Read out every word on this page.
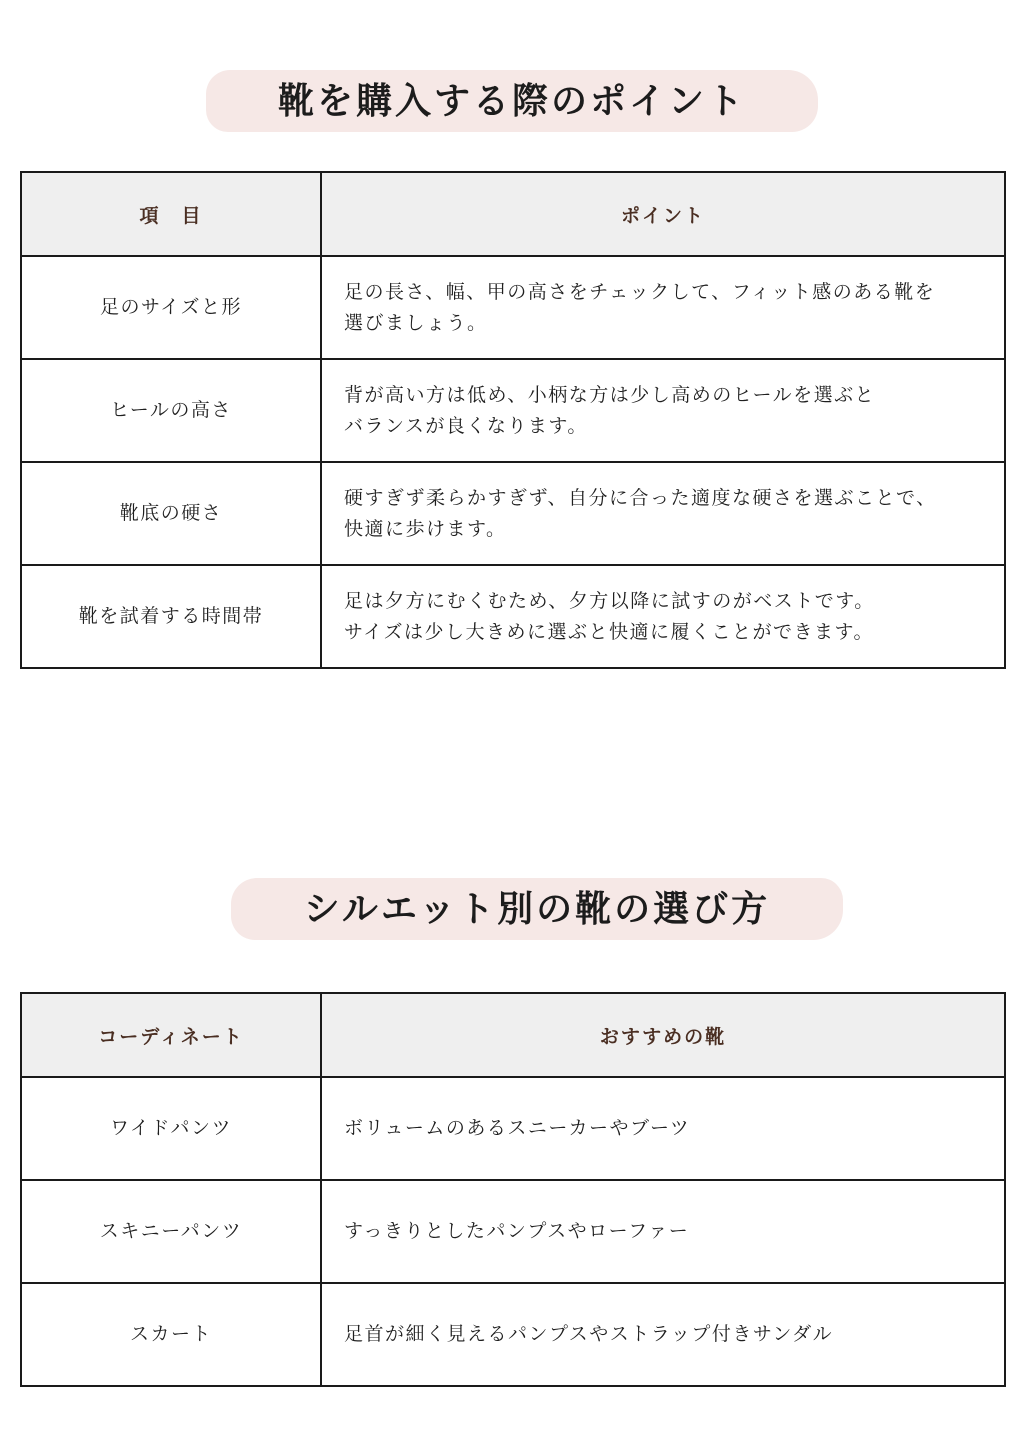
靴を購入する際のポイント
項　目	ポイント
足のサイズと形	足の長さ、幅、甲の高さをチェックして、フィット感のある靴を
選びましょう。

ヒールの高さ	背が高い方は低め、小柄な方は少し高めのヒールを選ぶと
バランスが良くなります。

靴底の硬さ	硬すぎず柔らかすぎず、自分に合った適度な硬さを選ぶことで、
快適に歩けます。

靴を試着する時間帯	足は夕方にむくむため、夕方以降に試すのがベストです。
サイズは少し大きめに選ぶと快適に履くことができます。
シルエット別の靴の選び方
コーディネート	おすすめの靴
ワイドパンツ	ボリュームのあるスニーカーやブーツ
スキニーパンツ	すっきりとしたパンプスやローファー
スカート	足首が細く見えるパンプスやストラップ付きサンダル
